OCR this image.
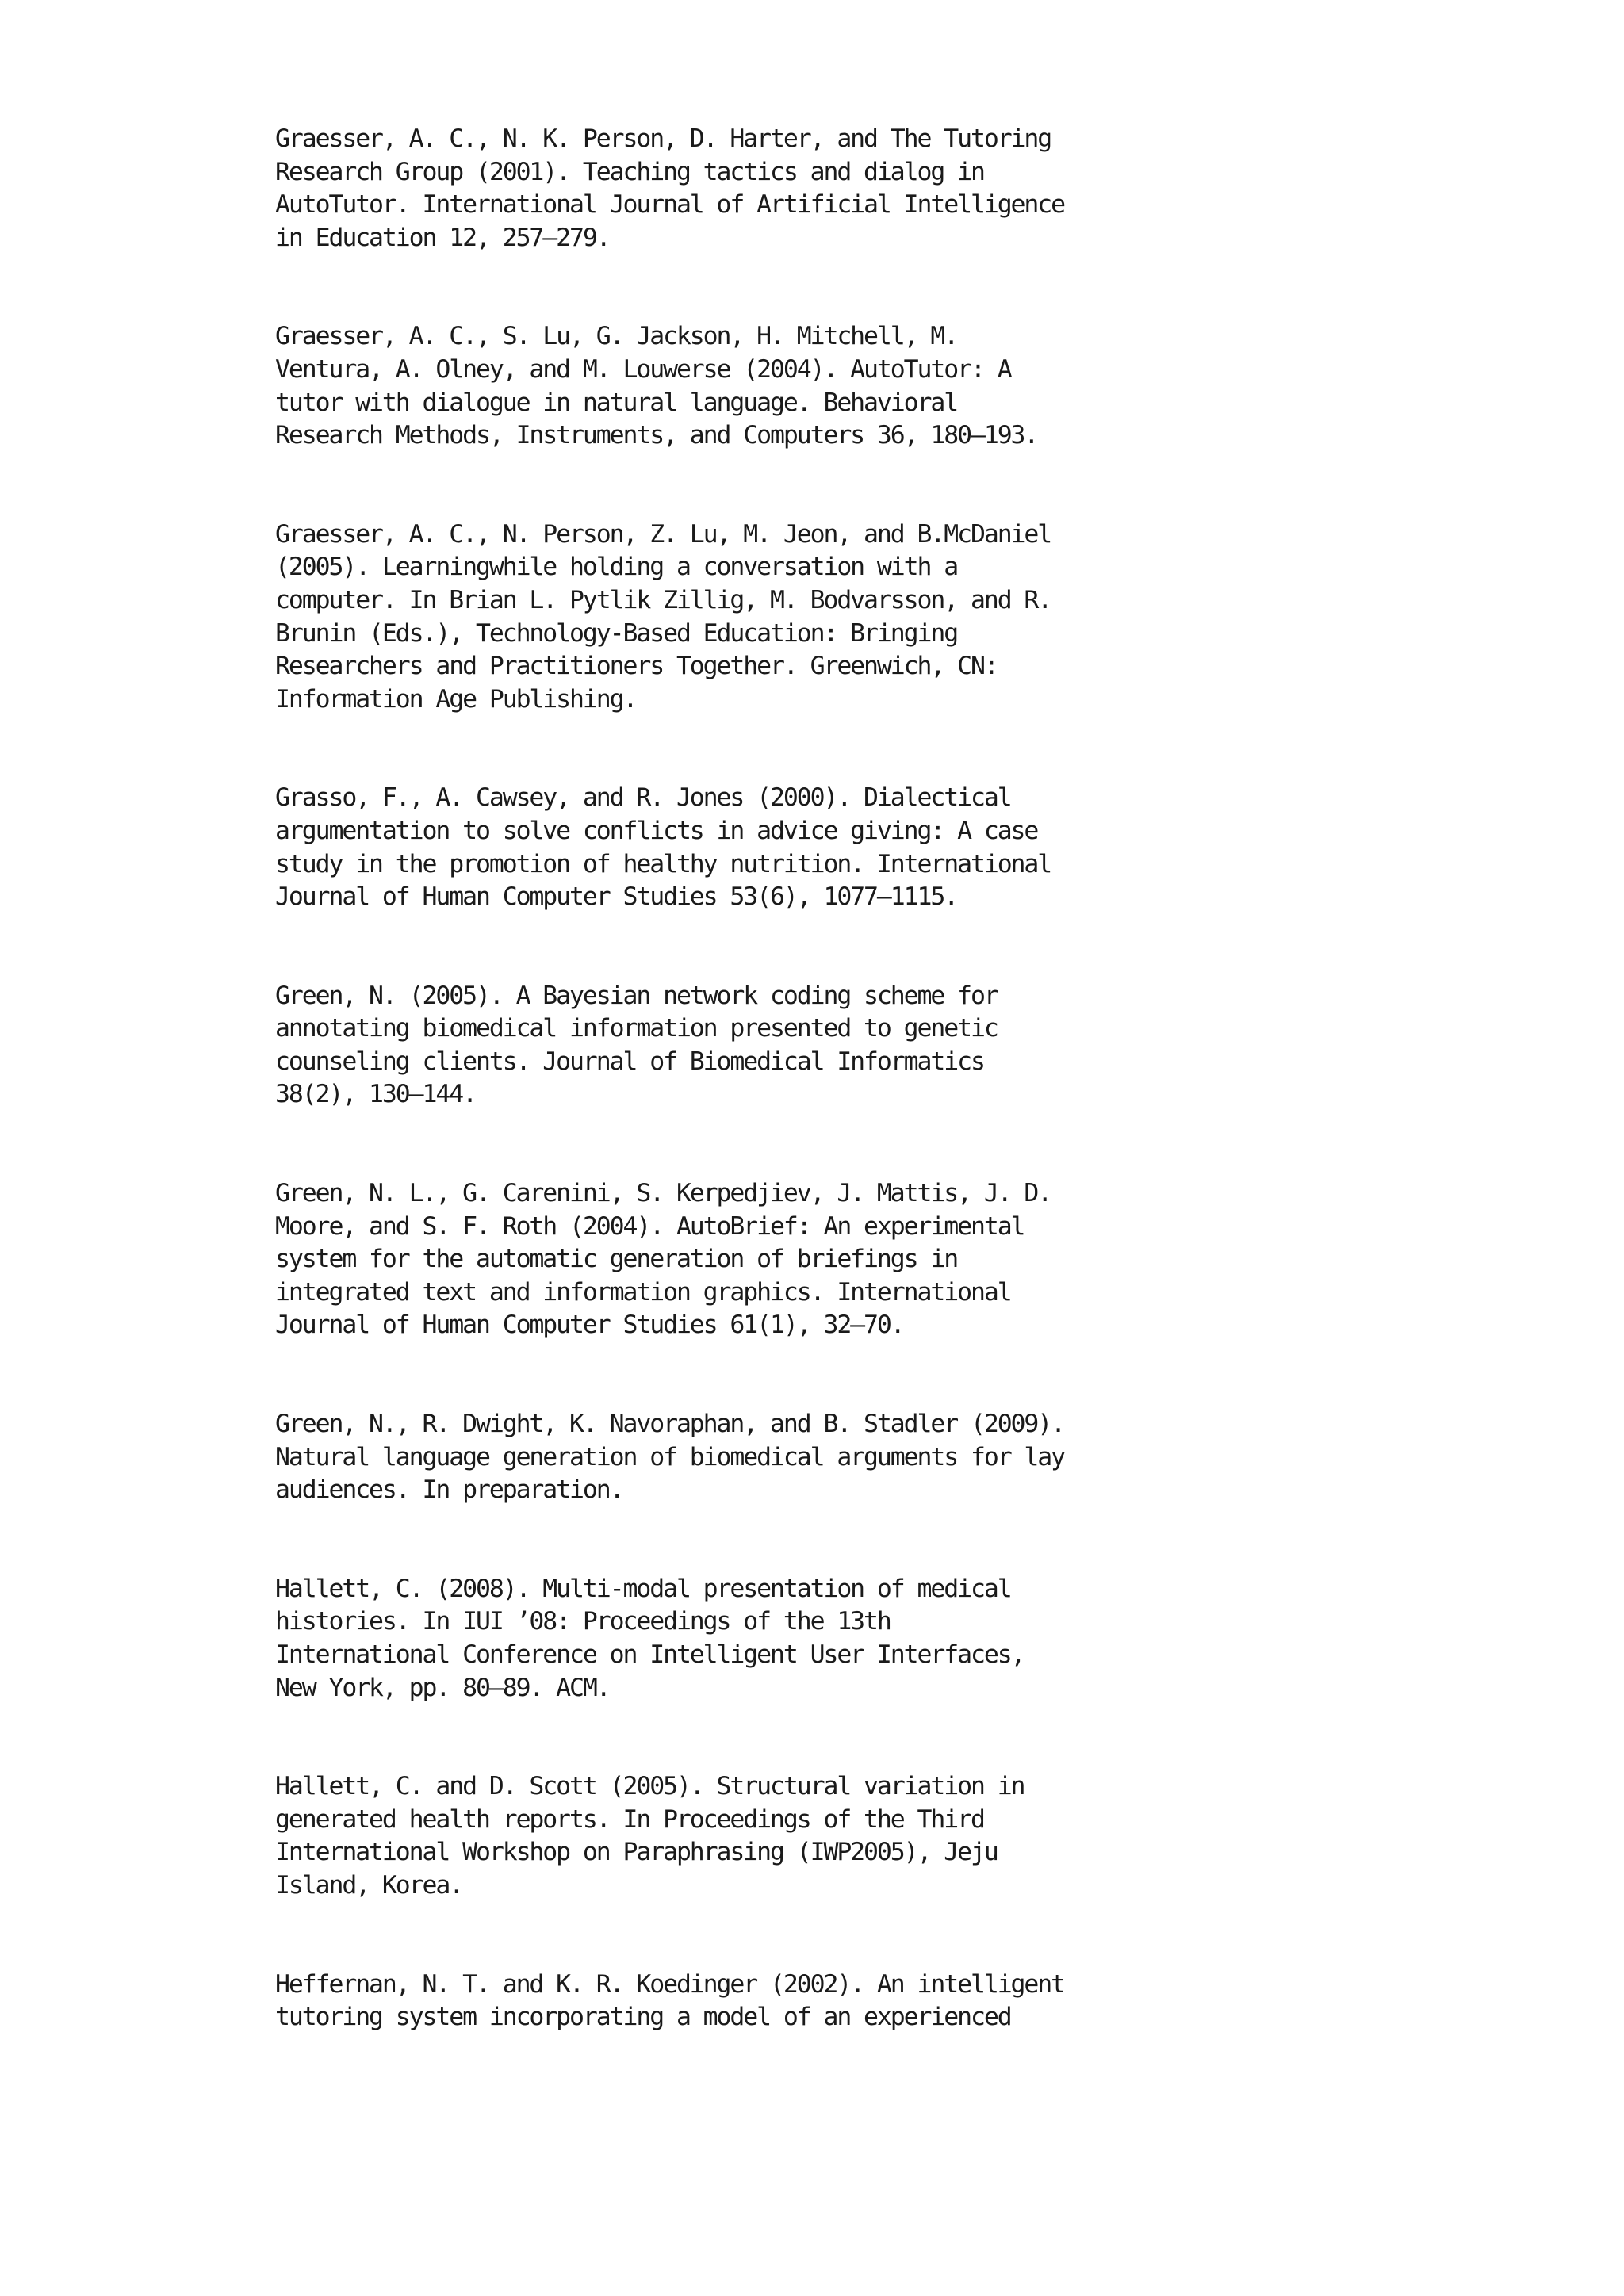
Graesser, A. C., N. K. Person, D. Harter, and The Tutoring
Research Group (2001). Teaching tactics and dialog in
AutoTutor. International Journal of Artificial Intelligence
in Education 12, 257–279.
Graesser, A. C., S. Lu, G. Jackson, H. Mitchell, M.
Ventura, A. Olney, and M. Louwerse (2004). AutoTutor: A
tutor with dialogue in natural language. Behavioral
Research Methods, Instruments, and Computers 36, 180–193.
Graesser, A. C., N. Person, Z. Lu, M. Jeon, and B.McDaniel
(2005). Learningwhile holding a conversation with a
computer. In Brian L. Pytlik Zillig, M. Bodvarsson, and R.
Brunin (Eds.), Technology-Based Education: Bringing
Researchers and Practitioners Together. Greenwich, CN:
Information Age Publishing.
Grasso, F., A. Cawsey, and R. Jones (2000). Dialectical
argumentation to solve conflicts in advice giving: A case
study in the promotion of healthy nutrition. International
Journal of Human Computer Studies 53(6), 1077–1115.
Green, N. (2005). A Bayesian network coding scheme for
annotating biomedical information presented to genetic
counseling clients. Journal of Biomedical Informatics
38(2), 130–144.
Green, N. L., G. Carenini, S. Kerpedjiev, J. Mattis, J. D.
Moore, and S. F. Roth (2004). AutoBrief: An experimental
system for the automatic generation of briefings in
integrated text and information graphics. International
Journal of Human Computer Studies 61(1), 32–70.
Green, N., R. Dwight, K. Navoraphan, and B. Stadler (2009).
Natural language generation of biomedical arguments for lay
audiences. In preparation.
Hallett, C. (2008). Multi-modal presentation of medical
histories. In IUI ’08: Proceedings of the 13th
International Conference on Intelligent User Interfaces,
New York, pp. 80–89. ACM.
Hallett, C. and D. Scott (2005). Structural variation in
generated health reports. In Proceedings of the Third
International Workshop on Paraphrasing (IWP2005), Jeju
Island, Korea.
Heffernan, N. T. and K. R. Koedinger (2002). An intelligent
tutoring system incorporating a model of an experienced
